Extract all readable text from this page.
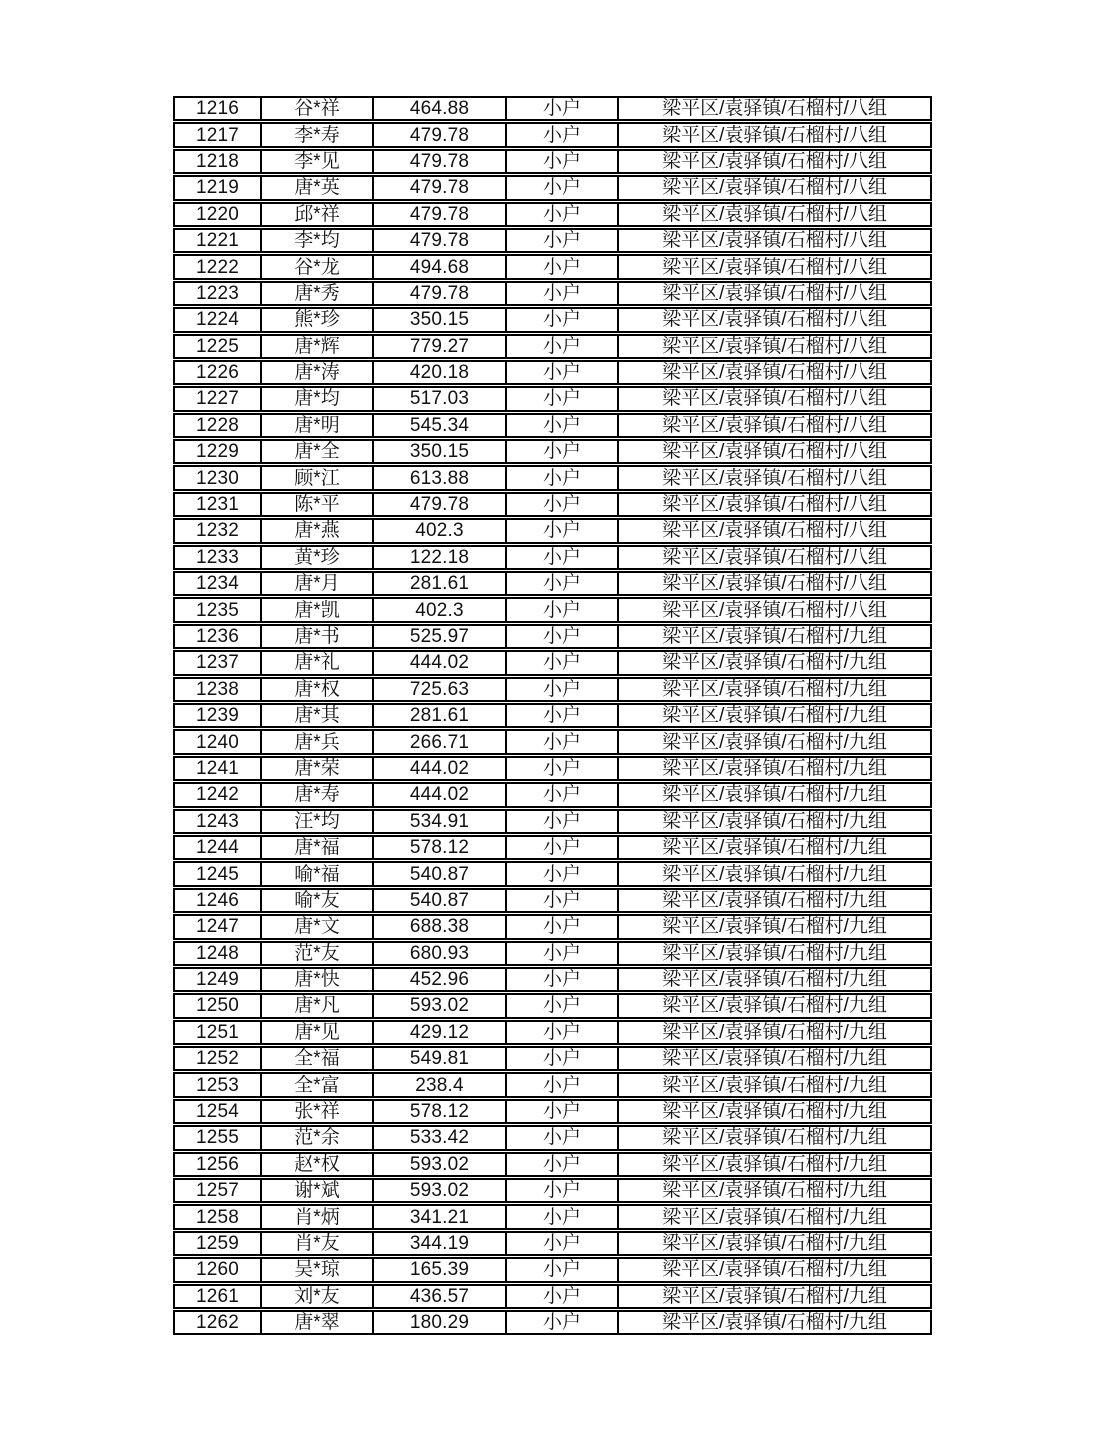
1216	谷*祥	464.88	小户	梁平区/袁驿镇/石榴村/八组
1217	李*寿	479.78	小户	梁平区/袁驿镇/石榴村/八组
1218	李*见	479.78	小户	梁平区/袁驿镇/石榴村/八组
1219	唐*英	479.78	小户	梁平区/袁驿镇/石榴村/八组
1220	邱*祥	479.78	小户	梁平区/袁驿镇/石榴村/八组
1221	李*均	479.78	小户	梁平区/袁驿镇/石榴村/八组
1222	谷*龙	494.68	小户	梁平区/袁驿镇/石榴村/八组
1223	唐*秀	479.78	小户	梁平区/袁驿镇/石榴村/八组
1224	熊*珍	350.15	小户	梁平区/袁驿镇/石榴村/八组
1225	唐*辉	779.27	小户	梁平区/袁驿镇/石榴村/八组
1226	唐*涛	420.18	小户	梁平区/袁驿镇/石榴村/八组
1227	唐*均	517.03	小户	梁平区/袁驿镇/石榴村/八组
1228	唐*明	545.34	小户	梁平区/袁驿镇/石榴村/八组
1229	唐*全	350.15	小户	梁平区/袁驿镇/石榴村/八组
1230	顾*江	613.88	小户	梁平区/袁驿镇/石榴村/八组
1231	陈*平	479.78	小户	梁平区/袁驿镇/石榴村/八组
1232	唐*燕	402.3	小户	梁平区/袁驿镇/石榴村/八组
1233	黄*珍	122.18	小户	梁平区/袁驿镇/石榴村/八组
1234	唐*月	281.61	小户	梁平区/袁驿镇/石榴村/八组
1235	唐*凯	402.3	小户	梁平区/袁驿镇/石榴村/八组
1236	唐*书	525.97	小户	梁平区/袁驿镇/石榴村/九组
1237	唐*礼	444.02	小户	梁平区/袁驿镇/石榴村/九组
1238	唐*权	725.63	小户	梁平区/袁驿镇/石榴村/九组
1239	唐*其	281.61	小户	梁平区/袁驿镇/石榴村/九组
1240	唐*兵	266.71	小户	梁平区/袁驿镇/石榴村/九组
1241	唐*荣	444.02	小户	梁平区/袁驿镇/石榴村/九组
1242	唐*寿	444.02	小户	梁平区/袁驿镇/石榴村/九组
1243	汪*均	534.91	小户	梁平区/袁驿镇/石榴村/九组
1244	唐*福	578.12	小户	梁平区/袁驿镇/石榴村/九组
1245	喻*福	540.87	小户	梁平区/袁驿镇/石榴村/九组
1246	喻*友	540.87	小户	梁平区/袁驿镇/石榴村/九组
1247	唐*文	688.38	小户	梁平区/袁驿镇/石榴村/九组
1248	范*友	680.93	小户	梁平区/袁驿镇/石榴村/九组
1249	唐*快	452.96	小户	梁平区/袁驿镇/石榴村/九组
1250	唐*凡	593.02	小户	梁平区/袁驿镇/石榴村/九组
1251	唐*见	429.12	小户	梁平区/袁驿镇/石榴村/九组
1252	全*福	549.81	小户	梁平区/袁驿镇/石榴村/九组
1253	全*富	238.4	小户	梁平区/袁驿镇/石榴村/九组
1254	张*祥	578.12	小户	梁平区/袁驿镇/石榴村/九组
1255	范*余	533.42	小户	梁平区/袁驿镇/石榴村/九组
1256	赵*权	593.02	小户	梁平区/袁驿镇/石榴村/九组
1257	谢*斌	593.02	小户	梁平区/袁驿镇/石榴村/九组
1258	肖*炳	341.21	小户	梁平区/袁驿镇/石榴村/九组
1259	肖*友	344.19	小户	梁平区/袁驿镇/石榴村/九组
1260	吴*琼	165.39	小户	梁平区/袁驿镇/石榴村/九组
1261	刘*友	436.57	小户	梁平区/袁驿镇/石榴村/九组
1262	唐*翠	180.29	小户	梁平区/袁驿镇/石榴村/九组
